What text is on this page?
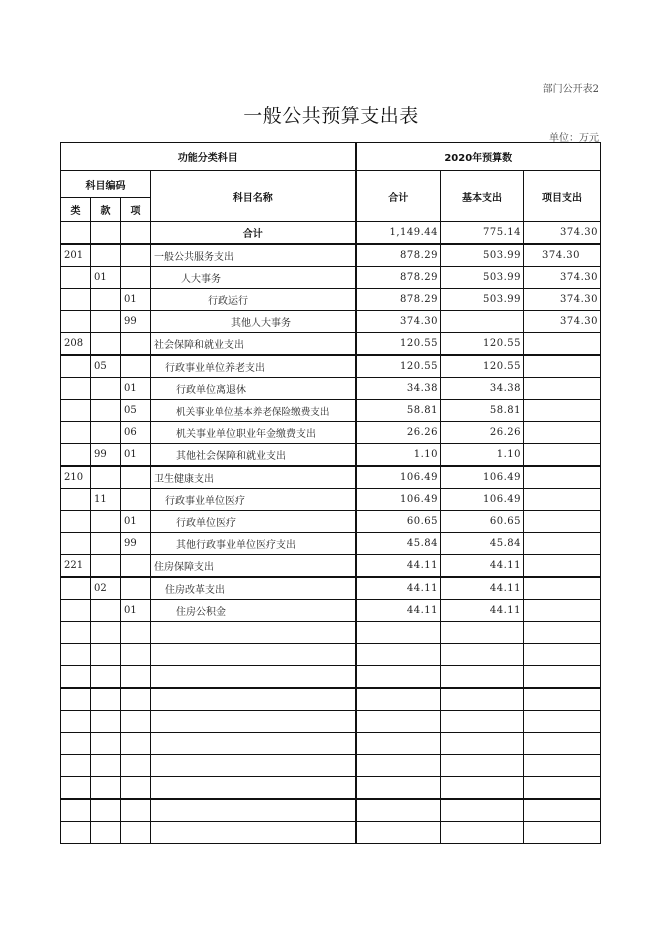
部门公开表2
一般公共预算支出表
单位：万元
功能分类科目				2020年预算数		
科目编码			科目名称	合计	基本支出	项目支出
类	款	项				
			合计	1,149.44	775.14	374.30
201			一般公共服务支出	878.29	503.99	374.30
	01		人大事务	878.29	503.99	374.30
		01	行政运行	878.29	503.99	374.30
		99	其他人大事务	374.30		374.30
208			社会保障和就业支出	120.55	120.55	
	05		行政事业单位养老支出	120.55	120.55	
		01	行政单位离退休	34.38	34.38	
		05	机关事业单位基本养老保险缴费支出	58.81	58.81	
		06	机关事业单位职业年金缴费支出	26.26	26.26	
	99	01	其他社会保障和就业支出	1.10	1.10	
210			卫生健康支出	106.49	106.49	
	11		行政事业单位医疗	106.49	106.49	
		01	行政单位医疗	60.65	60.65	
		99	其他行政事业单位医疗支出	45.84	45.84	
221			住房保障支出	44.11	44.11	
	02		住房改革支出	44.11	44.11	
		01	住房公积金	44.11	44.11	
